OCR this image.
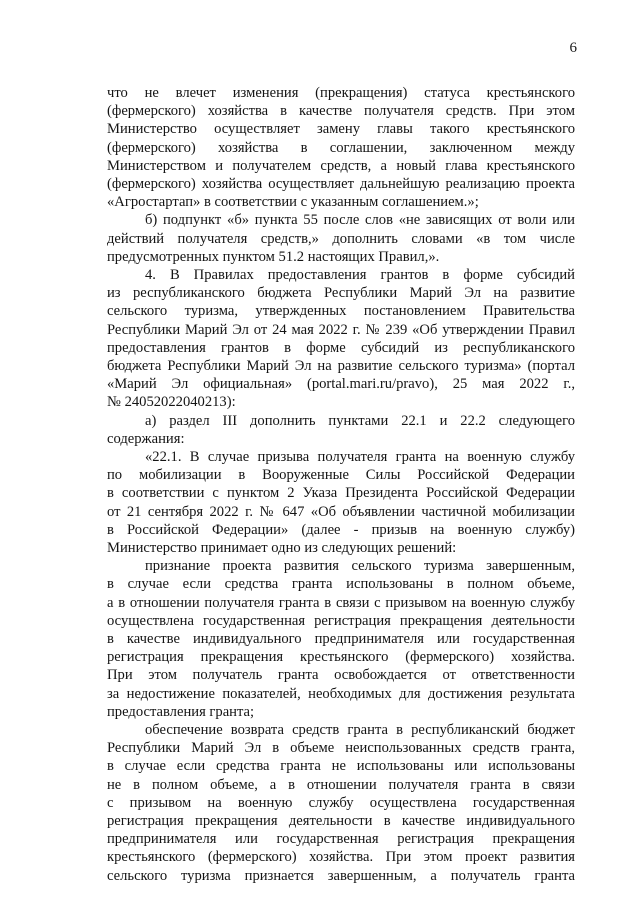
6
что не влечет изменения (прекращения) статуса крестьянского
(фермерского) хозяйства в качестве получателя средств. При этом
Министерство осуществляет замену главы такого крестьянского
(фермерского) хозяйства в соглашении, заключенном между
Министерством и получателем средств, а новый глава крестьянского
(фермерского) хозяйства осуществляет дальнейшую реализацию проекта
«Агростартап» в соответствии с указанным соглашением.»;
б) подпункт «б» пункта 55 после слов «не зависящих от воли или
действий получателя средств,» дополнить словами «в том числе
предусмотренных пунктом 51.2 настоящих Правил,».
4. В Правилах предоставления грантов в форме субсидий
из республиканского бюджета Республики Марий Эл на развитие
сельского туризма, утвержденных постановлением Правительства
Республики Марий Эл от 24 мая 2022 г. № 239 «Об утверждении Правил
предоставления грантов в форме субсидий из республиканского
бюджета Республики Марий Эл на развитие сельского туризма» (портал
«Марий Эл официальная» (portal.mari.ru/pravo), 25 мая 2022 г.,
№ 24052022040213):
а) раздел III дополнить пунктами 22.1 и 22.2 следующего
содержания:
«22.1. В случае призыва получателя гранта на военную службу
по мобилизации в Вооруженные Силы Российской Федерации
в соответствии с пунктом 2 Указа Президента Российской Федерации
от 21 сентября 2022 г. № 647 «Об объявлении частичной мобилизации
в Российской Федерации» (далее - призыв на военную службу)
Министерство принимает одно из следующих решений:
признание проекта развития сельского туризма завершенным,
в случае если средства гранта использованы в полном объеме,
а в отношении получателя гранта в связи с призывом на военную службу
осуществлена государственная регистрация прекращения деятельности
в качестве индивидуального предпринимателя или государственная
регистрация прекращения крестьянского (фермерского) хозяйства.
При этом получатель гранта освобождается от ответственности
за недостижение показателей, необходимых для достижения результата
предоставления гранта;
обеспечение возврата средств гранта в республиканский бюджет
Республики Марий Эл в объеме неиспользованных средств гранта,
в случае если средства гранта не использованы или использованы
не в полном объеме, а в отношении получателя гранта в связи
с призывом на военную службу осуществлена государственная
регистрация прекращения деятельности в качестве индивидуального
предпринимателя или государственная регистрация прекращения
крестьянского (фермерского) хозяйства. При этом проект развития
сельского туризма признается завершенным, а получатель гранта
